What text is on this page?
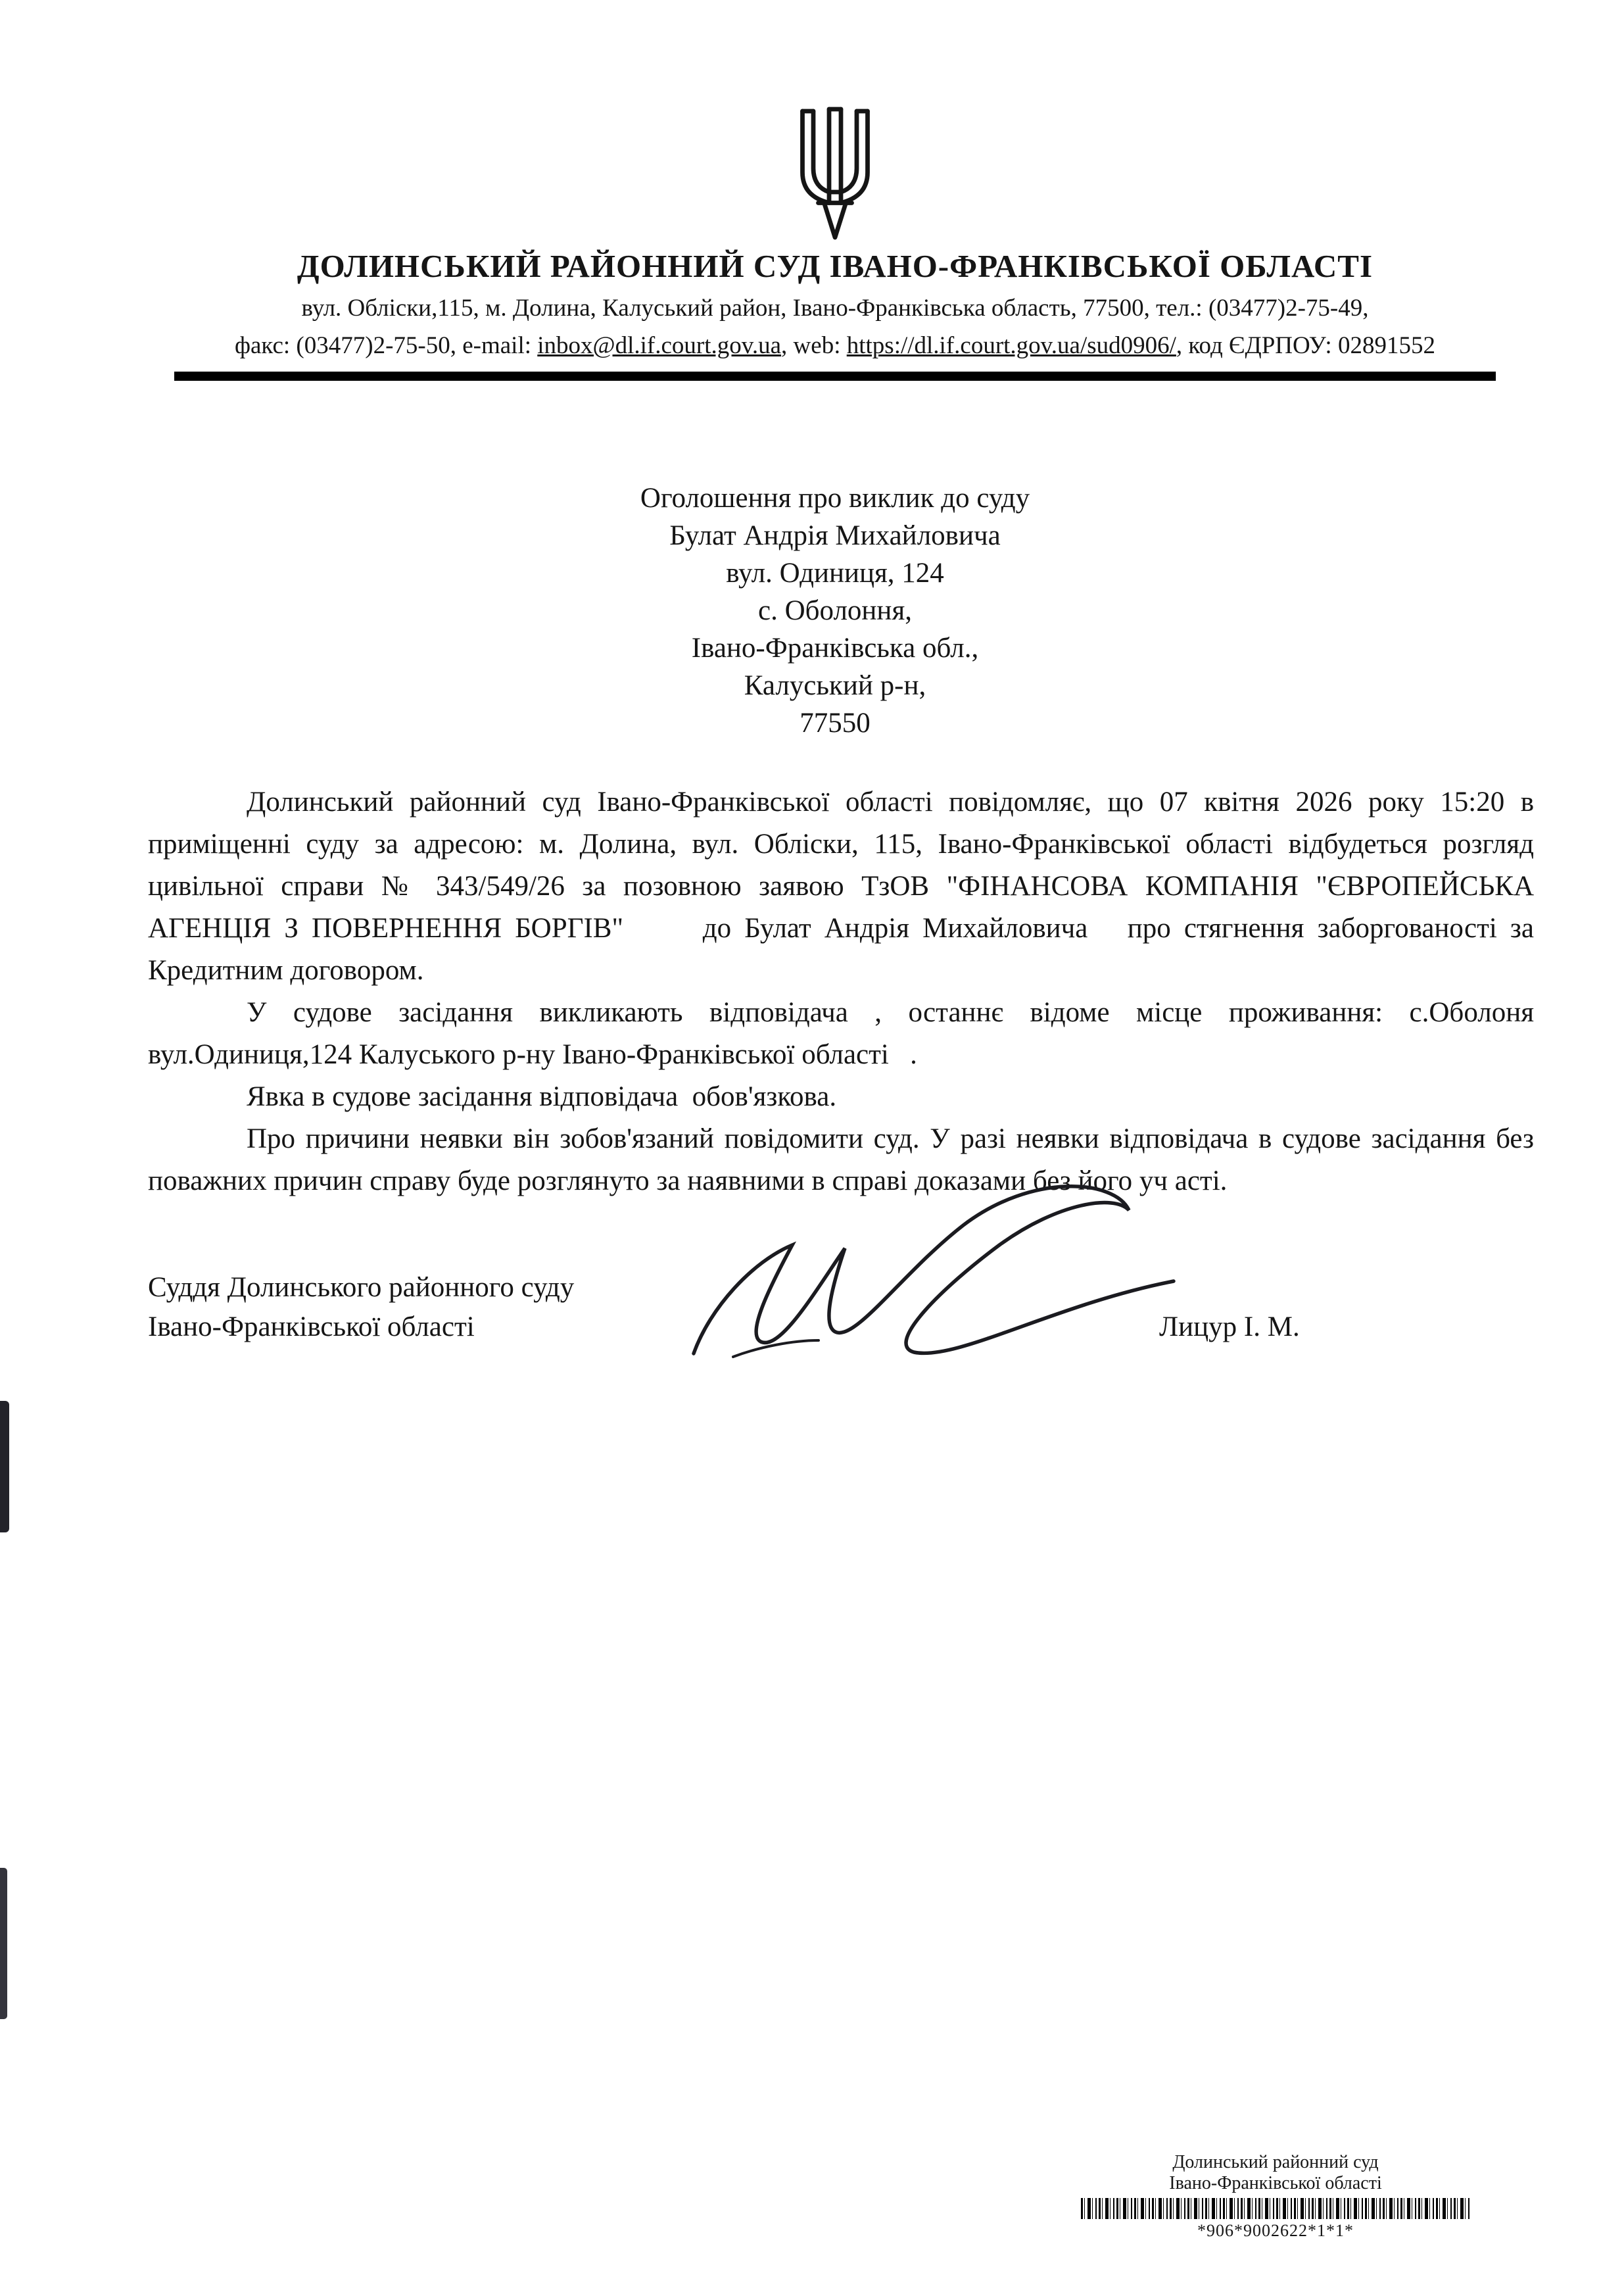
ДОЛИНСЬКИЙ РАЙОННИЙ СУД ІВАНО-ФРАНКІВСЬКОЇ ОБЛАСТІ
вул. Обліски,115, м. Долина, Калуський район, Івано-Франківська область, 77500, тел.: (03477)2-75-49,
факс: (03477)2-75-50, e-mail: inbox@dl.if.court.gov.ua, web: https://dl.if.court.gov.ua/sud0906/, код ЄДРПОУ: 02891552
Оголошення про виклик до суду
Булат Андрія Михайловича
вул. Одиниця, 124
с. Оболоння,
Івано-Франківська обл.,
Калуський р-н,
77550

Долинський районний суд Івано-Франківської області повідомляє, що 07 квітня 2026 року 15:20 в приміщенні суду за адресою: м. Долина, вул. Обліски, 115, Івано-Франківської області відбудеться розгляд цивільної справи № 343/549/26 за позовною заявою ТзОВ "ФІНАНСОВА КОМПАНІЯ "ЄВРОПЕЙСЬКА АГЕНЦІЯ З ПОВЕРНЕННЯ БОРГІВ"      до Булат Андрія Михайловича   про стягнення заборгованості за Кредитним договором.

У судове засідання викликають відповідача , останнє відоме місце проживання: с.Оболоня вул.Одиниця,124 Калуського р-ну Івано-Франківської області   .

Явка в судове засідання відповідача  обов'язкова.

Про причини неявки він зобов'язаний повідомити суд. У разі неявки відповідача в судове засідання без поважних причин справу буде розглянуто за наявними в справі доказами без його уч асті.

Суддя Долинського районного суду
Івано-Франківської області	Лицур І. М.
Долинський районний суд
Івано-Франківської області
*906*9002622*1*1*
